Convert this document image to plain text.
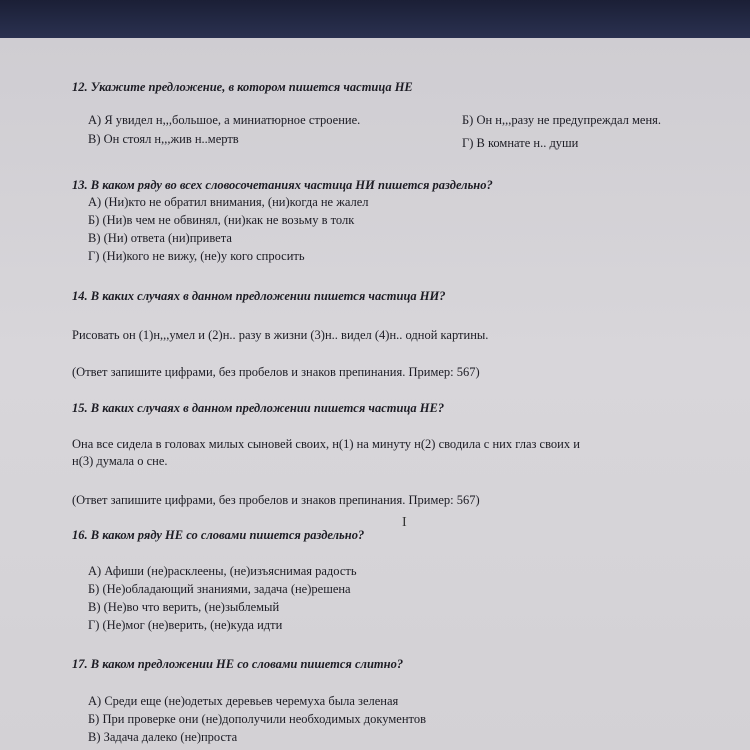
12. Укажите предложение, в котором пишется частица НЕ
А) Я увидел н,,,большое, а миниатюрное строение.	Б) Он н,,,разу не предупреждал меня.
В) Он стоял н,,,жив н..мертв	Г) В комнате н.. души
13. В каком ряду во всех словосочетаниях частица НИ пишется раздельно?
А) (Ни)кто не обратил внимания, (ни)когда не жалел
Б) (Ни)в чем не обвинял, (ни)как не возьму в толк
В) (Ни) ответа (ни)привета
Г) (Ни)кого не вижу, (не)у кого спросить
14. В каких случаях в данном предложении пишется частица НИ?
Рисовать он (1)н,,,умел и (2)н.. разу в жизни (3)н.. видел (4)н.. одной картины.
(Ответ запишите цифрами, без пробелов и знаков препинания. Пример: 567)
15. В каких случаях в данном предложении пишется частица НЕ?
Она все сидела в головах милых сыновей своих, н(1) на минуту н(2) сводила с них глаз своих и
н(3) думала о сне.
(Ответ запишите цифрами, без пробелов и знаков препинания. Пример: 567)
16. В каком ряду НЕ со словами пишется раздельно?
А) Афиши (не)расклеены, (не)изъяснимая радость
Б) (Не)обладающий знаниями, задача (не)решена
В) (Не)во что верить, (не)зыблемый
Г) (Не)мог (не)верить, (не)куда идти
17. В каком предложении НЕ со словами пишется слитно?
А) Среди еще (не)одетых деревьев черемуха была зеленая
Б) При проверке они (не)дополучили необходимых документов
В) Задача далеко (не)проста
I
